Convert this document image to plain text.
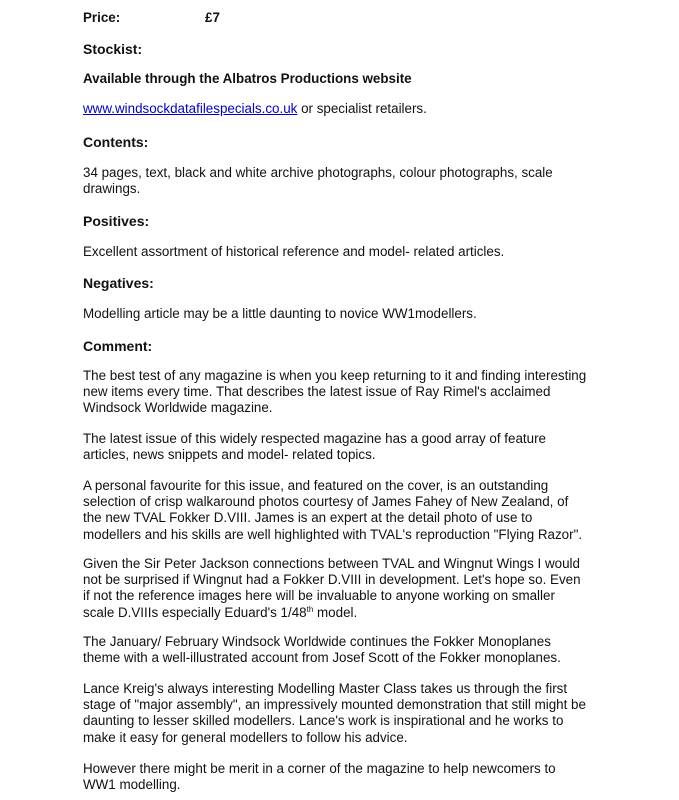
Price:	£7
Stockist:
Available through the Albatros Productions website
www.windsockdatafilespecials.co.uk or specialist retailers.
Contents:
34 pages, text, black and white archive photographs, colour photographs, scale
drawings.
Positives:
Excellent assortment of historical reference and model- related articles.
Negatives:
Modelling article may be a little daunting to novice WW1modellers.
Comment:
The best test of any magazine is when you keep returning to it and finding interesting
new items every time. That describes the latest issue of Ray Rimel's acclaimed
Windsock Worldwide magazine.
The latest issue of this widely respected magazine has a good array of feature
articles, news snippets and model- related topics.
A personal favourite for this issue, and featured on the cover, is an outstanding
selection of crisp walkaround photos courtesy of James Fahey of New Zealand, of
the new TVAL Fokker D.VIII. James is an expert at the detail photo of use to
modellers and his skills are well highlighted with TVAL's reproduction "Flying Razor".
Given the Sir Peter Jackson connections between TVAL and Wingnut Wings I would
not be surprised if Wingnut had a Fokker D.VIII in development. Let's hope so. Even
if not the reference images here will be invaluable to anyone working on smaller
scale D.VIIIs especially Eduard's 1/48th model.
The January/ February Windsock Worldwide continues the Fokker Monoplanes
theme with a well-illustrated account from Josef Scott of the Fokker monoplanes.
Lance Kreig's always interesting Modelling Master Class takes us through the first
stage of "major assembly", an impressively mounted demonstration that still might be
daunting to lesser skilled modellers. Lance's work is inspirational and he works to
make it easy for general modellers to follow his advice.
However there might be merit in a corner of the magazine to help newcomers to
WW1 modelling.
